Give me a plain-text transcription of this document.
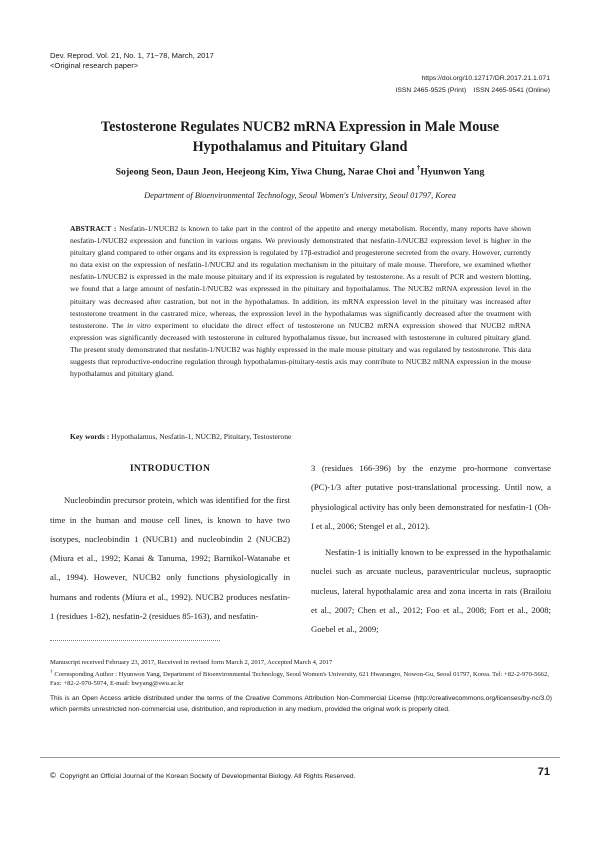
Dev. Reprod. Vol. 21, No. 1, 71~78, March, 2017
<Original research paper>
https://doi.org/10.12717/DR.2017.21.1.071
ISSN 2465-9525 (Print)    ISSN 2465-9541 (Online)
Testosterone Regulates NUCB2 mRNA Expression in Male Mouse
Hypothalamus and Pituitary Gland
Sojeong Seon, Daun Jeon, Heejeong Kim, Yiwa Chung, Narae Choi and †Hyunwon Yang
Department of Bioenvironmental Technology, Seoul Women's University, Seoul 01797, Korea
ABSTRACT : Nesfatin-1/NUCB2 is known to take part in the control of the appetite and energy metabolism. Recently, many reports have shown nesfatin-1/NUCB2 expression and function in various organs. We previously demonstrated that nesfatin-1/NUCB2 expression level is higher in the pituitary gland compared to other organs and its expression is regulated by 17β-estradiol and progesterone secreted from the ovary. However, currently no data exist on the expression of nesfatin-1/NUCB2 and its regulation mechanism in the pituitary of male mouse. Therefore, we examined whether nesfatin-1/NUCB2 is expressed in the male mouse pituitary and if its expression is regulated by testosterone. As a result of PCR and western blotting, we found that a large amount of nesfatin-1/NUCB2 was expressed in the pituitary and hypothalamus. The NUCB2 mRNA expression level in the pituitary was decreased after castration, but not in the hypothalamus. In addition, its mRNA expression level in the pituitary was increased after testosterone treatment in the castrated mice, whereas, the expression level in the hypothalamus was significantly decreased after the treatment with testosterone. The in vitro experiment to elucidate the direct effect of testosterone on NUCB2 mRNA expression showed that NUCB2 mRNA expression was significantly decreased with testosterone in cultured hypothalamus tissue, but increased with testosterone in cultured pituitary gland. The present study demonstrated that nesfatin-1/NUCB2 was highly expressed in the male mouse pituitary and was regulated by testosterone. This data suggests that reproductive-endocrine regulation through hypothalamus-pituitary-testis axis may contribute to NUCB2 mRNA expression in the mouse hypothalamus and pituitary gland.
Key words : Hypothalamus, Nesfatin-1, NUCB2, Pituitary, Testosterone
INTRODUCTION

Nucleobindin precursor protein, which was identified for the first time in the human and mouse cell lines, is known to have two isotypes, nucleobindin 1 (NUCB1) and nucleobindin 2 (NUCB2) (Miura et al., 1992; Kanai & Tanuma, 1992; Barnikol-Watanabe et al., 1994). However, NUCB2 only functions physiologically in humans and rodents (Miura et al., 1992). NUCB2 produces nesfatin-1 (residues 1-82), nesfatin-2 (residues 85-163), and nesfatin-

3 (residues 166-396) by the enzyme pro-hormone convertase (PC)-1/3 after putative post-translational processing. Until now, a physiological activity has only been demonstrated for nesfatin-1 (Oh-I et al., 2006; Stengel et al., 2012).

Nesfatin-1 is initially known to be expressed in the hypothalamic nuclei such as arcuate nucleus, paraventricular nucleus, supraoptic nucleus, lateral hypothalamic area and zona incerta in rats (Brailoiu et al., 2007; Chen et al., 2012; Foo et al., 2008; Fort et al., 2008; Goebel et al., 2009;

Manuscript received February 23, 2017, Received in revised form March 2, 2017, Accepted March 4, 2017
† Corresponding Author : Hyunwon Yang, Department of Bioenvironmental Technology, Seoul Women's University, 621 Hwarangro, Nowon-Gu, Seoul 01797, Korea. Tel: +82-2-970-5662, Fax: +82-2-970-5974, E-mail: hwyang@swu.ac.kr
This is an Open Access article distributed under the terms of the Creative Commons Attribution Non-Commercial License (http://creativecommons.org/licenses/by-nc/3.0) which permits unrestricted non-commercial use, distribution, and reproduction in any medium, provided the original work is properly cited.
© Copyright an Official Journal of the Korean Society of Developmental Biology. All Rights Reserved.	71
